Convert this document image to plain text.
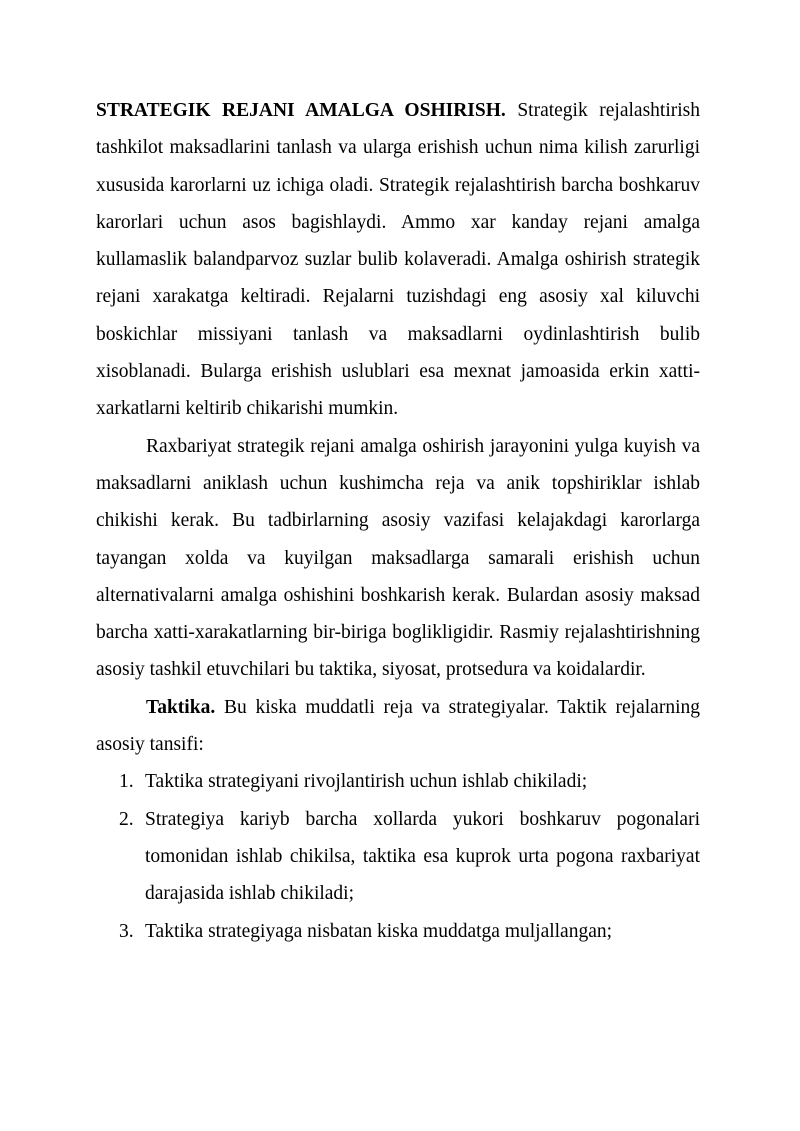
STRATEGIK REJANI AMALGA OSHIRISH. Strategik rejalashtirish tashkilot maksadlarini tanlash va ularga erishish uchun nima kilish zarurligi xususida karorlarni uz ichiga oladi. Strategik rejalashtirish barcha boshkaruv karorlari uchun asos bagishlaydi. Ammo xar kanday rejani amalga kullamaslik balandparvoz suzlar bulib kolaveradi. Amalga oshirish strategik rejani xarakatga keltiradi. Rejalarni tuzishdagi eng asosiy xal kiluvchi boskichlar missiyani tanlash va maksadlarni oydinlashtirish bulib xisoblanadi. Bularga erishish uslublari esa mexnat jamoasida erkin xatti-xarkatlarni keltirib chikarishi mumkin.

Raxbariyat strategik rejani amalga oshirish jarayonini yulga kuyish va maksadlarni aniklash uchun kushimcha reja va anik topshiriklar ishlab chikishi kerak. Bu tadbirlarning asosiy vazifasi kelajakdagi karorlarga tayangan xolda va kuyilgan maksadlarga samarali erishish uchun alternativalarni amalga oshishini boshkarish kerak. Bulardan asosiy maksad barcha xatti-xarakatlarning bir-biriga boglikligidir. Rasmiy rejalashtirishning asosiy tashkil etuvchilari bu taktika, siyosat, protsedura va koidalardir.

Taktika. Bu kiska muddatli reja va strategiyalar. Taktik rejalarning asosiy tansifi:

1. Taktika strategiyani rivojlantirish uchun ishlab chikiladi;
2. Strategiya kariyb barcha xollarda yukori boshkaruv pogonalari tomonidan ishlab chikilsa, taktika esa kuprok urta pogona raxbariyat darajasida ishlab chikiladi;
3. Taktika strategiyaga nisbatan kiska muddatga muljallangan;
